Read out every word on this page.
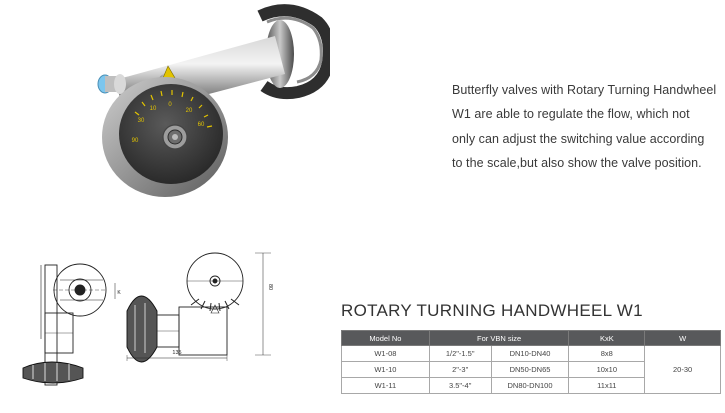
0
10	20
30
60
90
135
80
K

Butterfly valves with Rotary Turning Handwheel
W1 are able to regulate the flow, which not
only can adjust the switching value according
to the scale,but also show the valve position.

ROTARY TURNING HANDWHEEL W1
Model No	For VBN size		KxK	W
W1-08	1/2"-1.5"	DN10-DN40	8x8	20-30
W1-10	2"-3"	DN50-DN65	10x10	
W1-11	3.5"-4"	DN80-DN100	11x11	
